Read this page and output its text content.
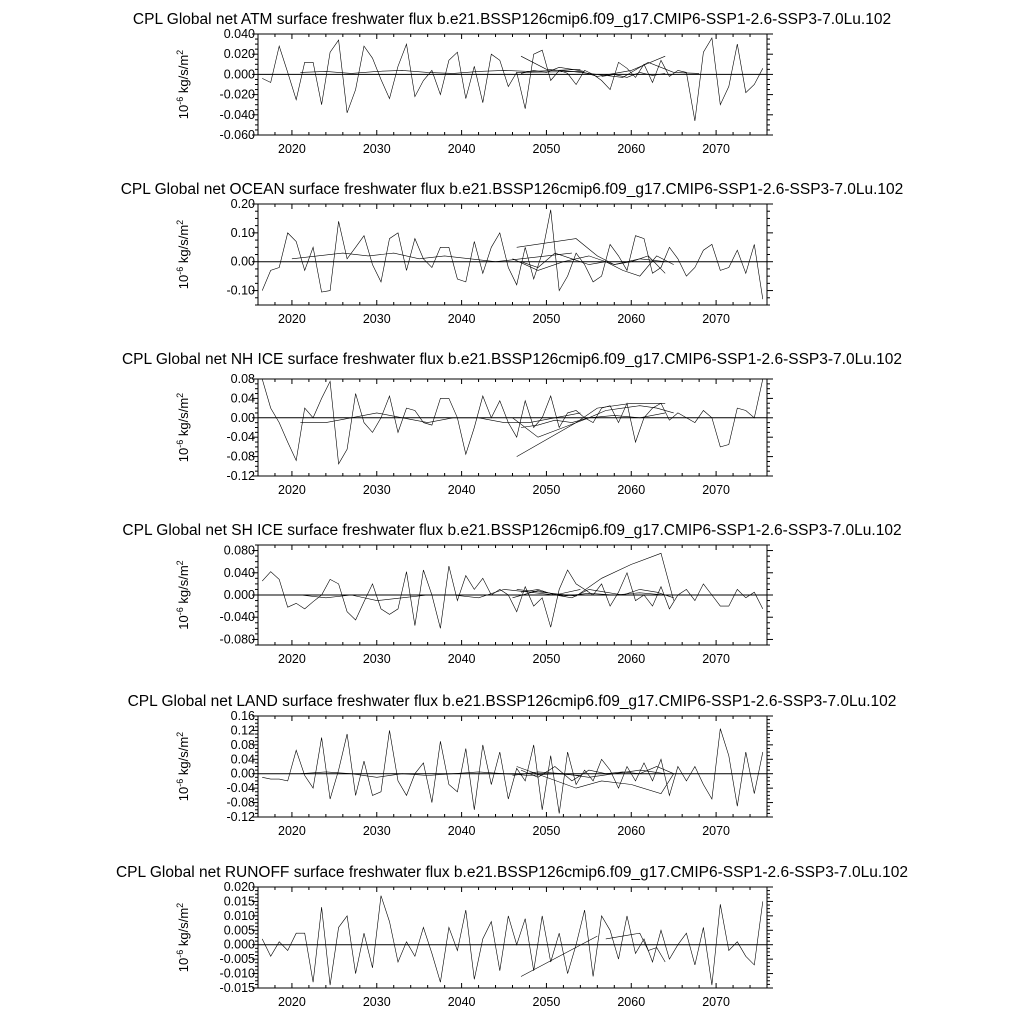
CPL Global net ATM surface freshwater flux b.e21.BSSP126cmip6.f09_g17.CMIP6-SSP1-2.6-SSP3-7.0Lu.102
2020	2030	2040	2050	2060	2070
-0.060
-0.040
-0.020
0.000
0.020
0.040
$10^{-6}$ $kg/s/m^2$
CPL Global net OCEAN surface freshwater flux b.e21.BSSP126cmip6.f09_g17.CMIP6-SSP1-2.6-SSP3-7.0Lu.102
2020	2030	2040	2050	2060	2070
-0.10
0.00
0.10
0.20
$10^{-6}$ $kg/s/m^2$
CPL Global net NH ICE surface freshwater flux b.e21.BSSP126cmip6.f09_g17.CMIP6-SSP1-2.6-SSP3-7.0Lu.102
2020	2030	2040	2050	2060	2070
-0.12
-0.08
-0.04
0.00
0.04
0.08
$10^{-6}$ $kg/s/m^2$
CPL Global net SH ICE surface freshwater flux b.e21.BSSP126cmip6.f09_g17.CMIP6-SSP1-2.6-SSP3-7.0Lu.102
2020	2030	2040	2050	2060	2070
-0.080
-0.040
0.000
0.040
0.080
$10^{-6}$ $kg/s/m^2$
CPL Global net LAND surface freshwater flux b.e21.BSSP126cmip6.f09_g17.CMIP6-SSP1-2.6-SSP3-7.0Lu.102
2020	2030	2040	2050	2060	2070
-0.12
-0.08
-0.04
0.00
0.04
0.08
0.12
0.16
$10^{-6}$ $kg/s/m^2$
CPL Global net RUNOFF surface freshwater flux b.e21.BSSP126cmip6.f09_g17.CMIP6-SSP1-2.6-SSP3-7.0Lu.102
2020	2030	2040	2050	2060	2070
-0.015
-0.010
-0.005
0.000
0.005
0.010
0.015
0.020
$10^{-6}$ $kg/s/m^2$
